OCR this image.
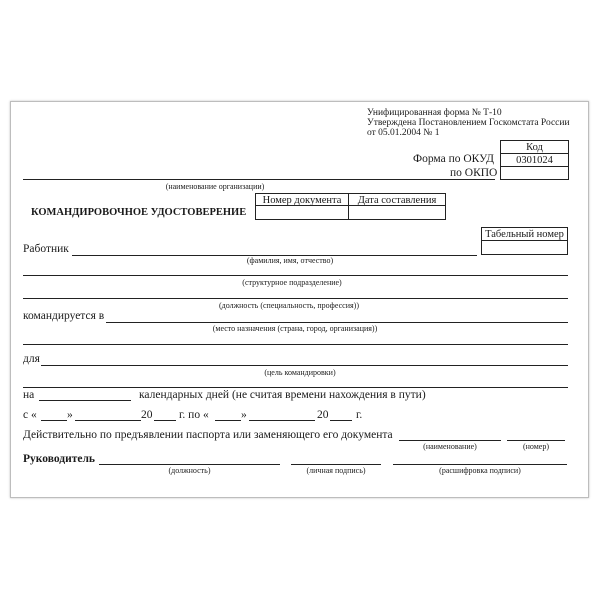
Унифицированная форма № Т-10
Утверждена Постановлением Госкомстата России
от 05.01.2004 № 1
Код
Форма по ОКУД	0301024
по ОКПО
(наименование организации)
КОМАНДИРОВОЧНОЕ УДОСТОВЕРЕНИЕ
Номер документа	Дата составления
Табельный номер
Работник
(фамилия, имя, отчество)
(структурное подразделение)
(должность (специальность, профессия))
командируется в
(место назначения (страна, город, организация))
для
(цель командировки)
на	календарных дней (не считая времени нахождения в пути)
с «	»	20 г. по «	»	20 г.
Действительно по предъявлении паспорта или заменяющего его документа
(наименование)	(номер)
Руководитель
(должность)	(личная подпись)	(расшифровка подписи)
